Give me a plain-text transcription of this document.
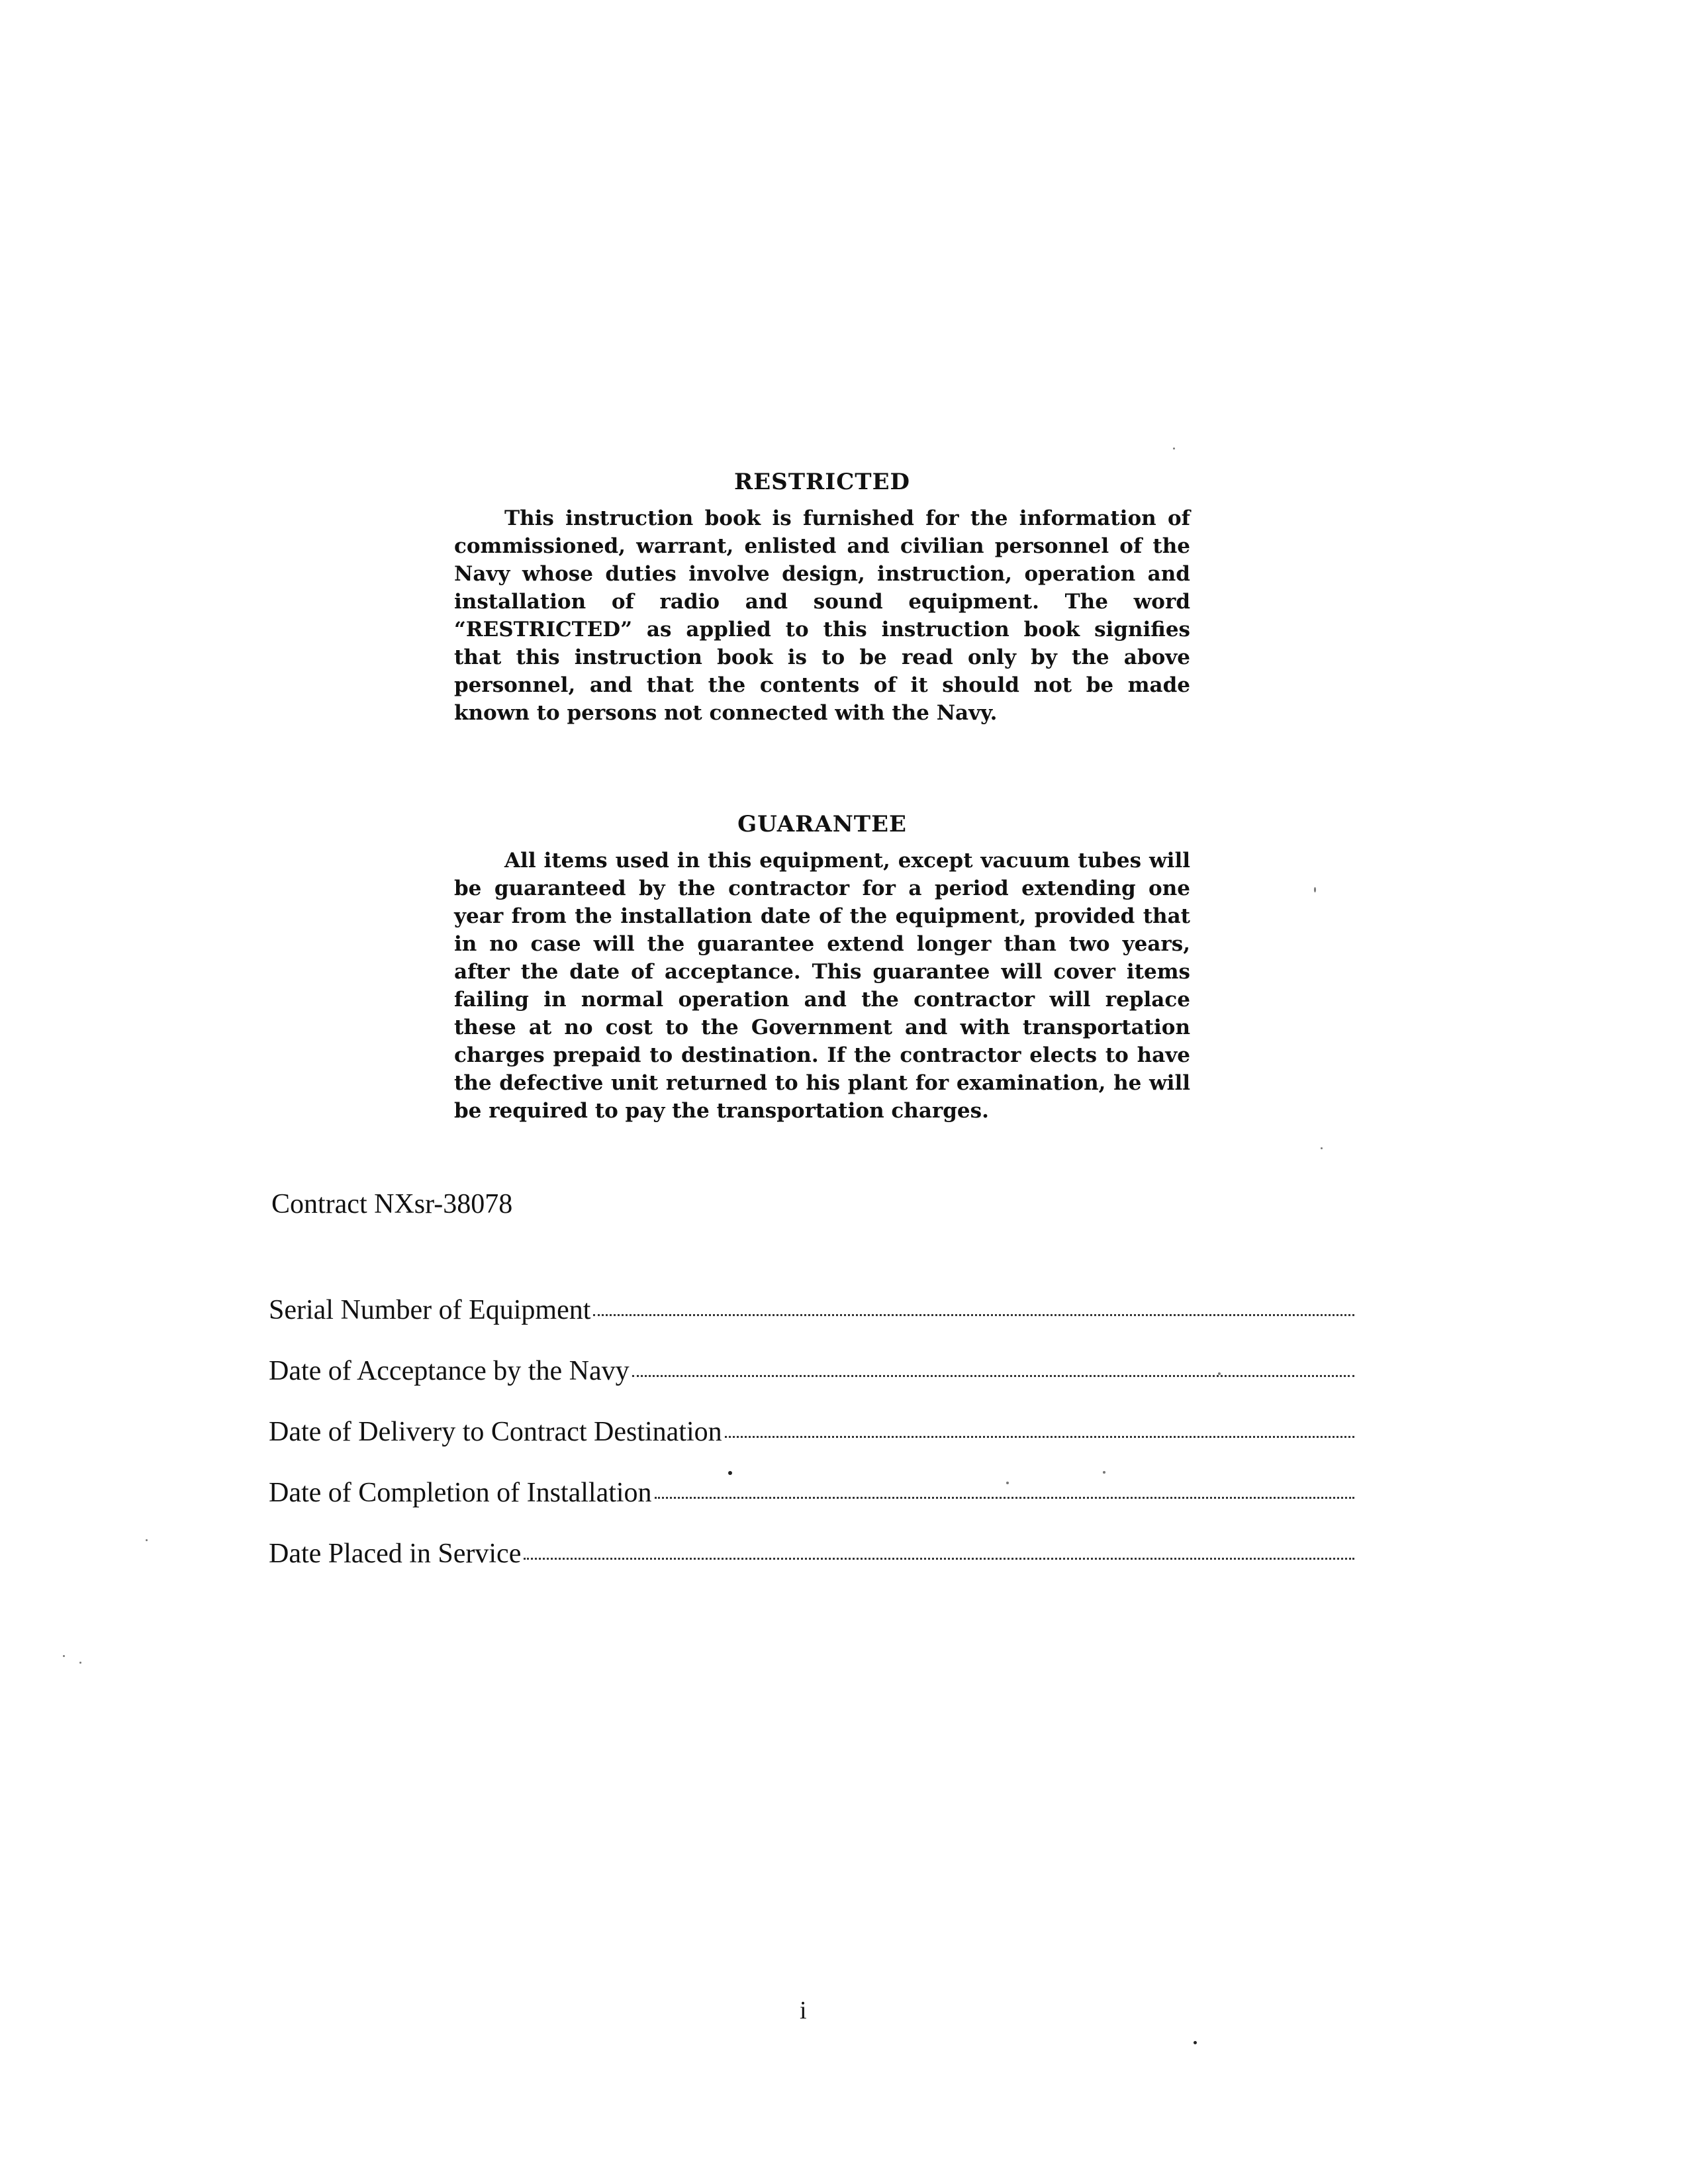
RESTRICTED

This instruction book is furnished for the information of commissioned, warrant, enlisted and civilian personnel of the Navy whose duties involve design, instruction, operation and installation of radio and sound equipment. The word “RESTRICTED” as applied to this instruction book signifies that this instruction book is to be read only by the above personnel, and that the contents of it should not be made known to persons not connected with the Navy.

GUARANTEE

All items used in this equipment, except vacuum tubes will be guaranteed by the contractor for a period extending one year from the installation date of the equipment, provided that in no case will the guarantee extend longer than two years, after the date of acceptance. This guarantee will cover items failing in normal operation and the contractor will replace these at no cost to the Government and with transportation charges prepaid to destination. If the contractor elects to have the defective unit returned to his plant for examination, he will be required to pay the transportation charges.

Contract NXsr-38078

Serial Number of Equipment
Date of Acceptance by the Navy
Date of Delivery to Contract Destination
Date of Completion of Installation
Date Placed in Service

i
